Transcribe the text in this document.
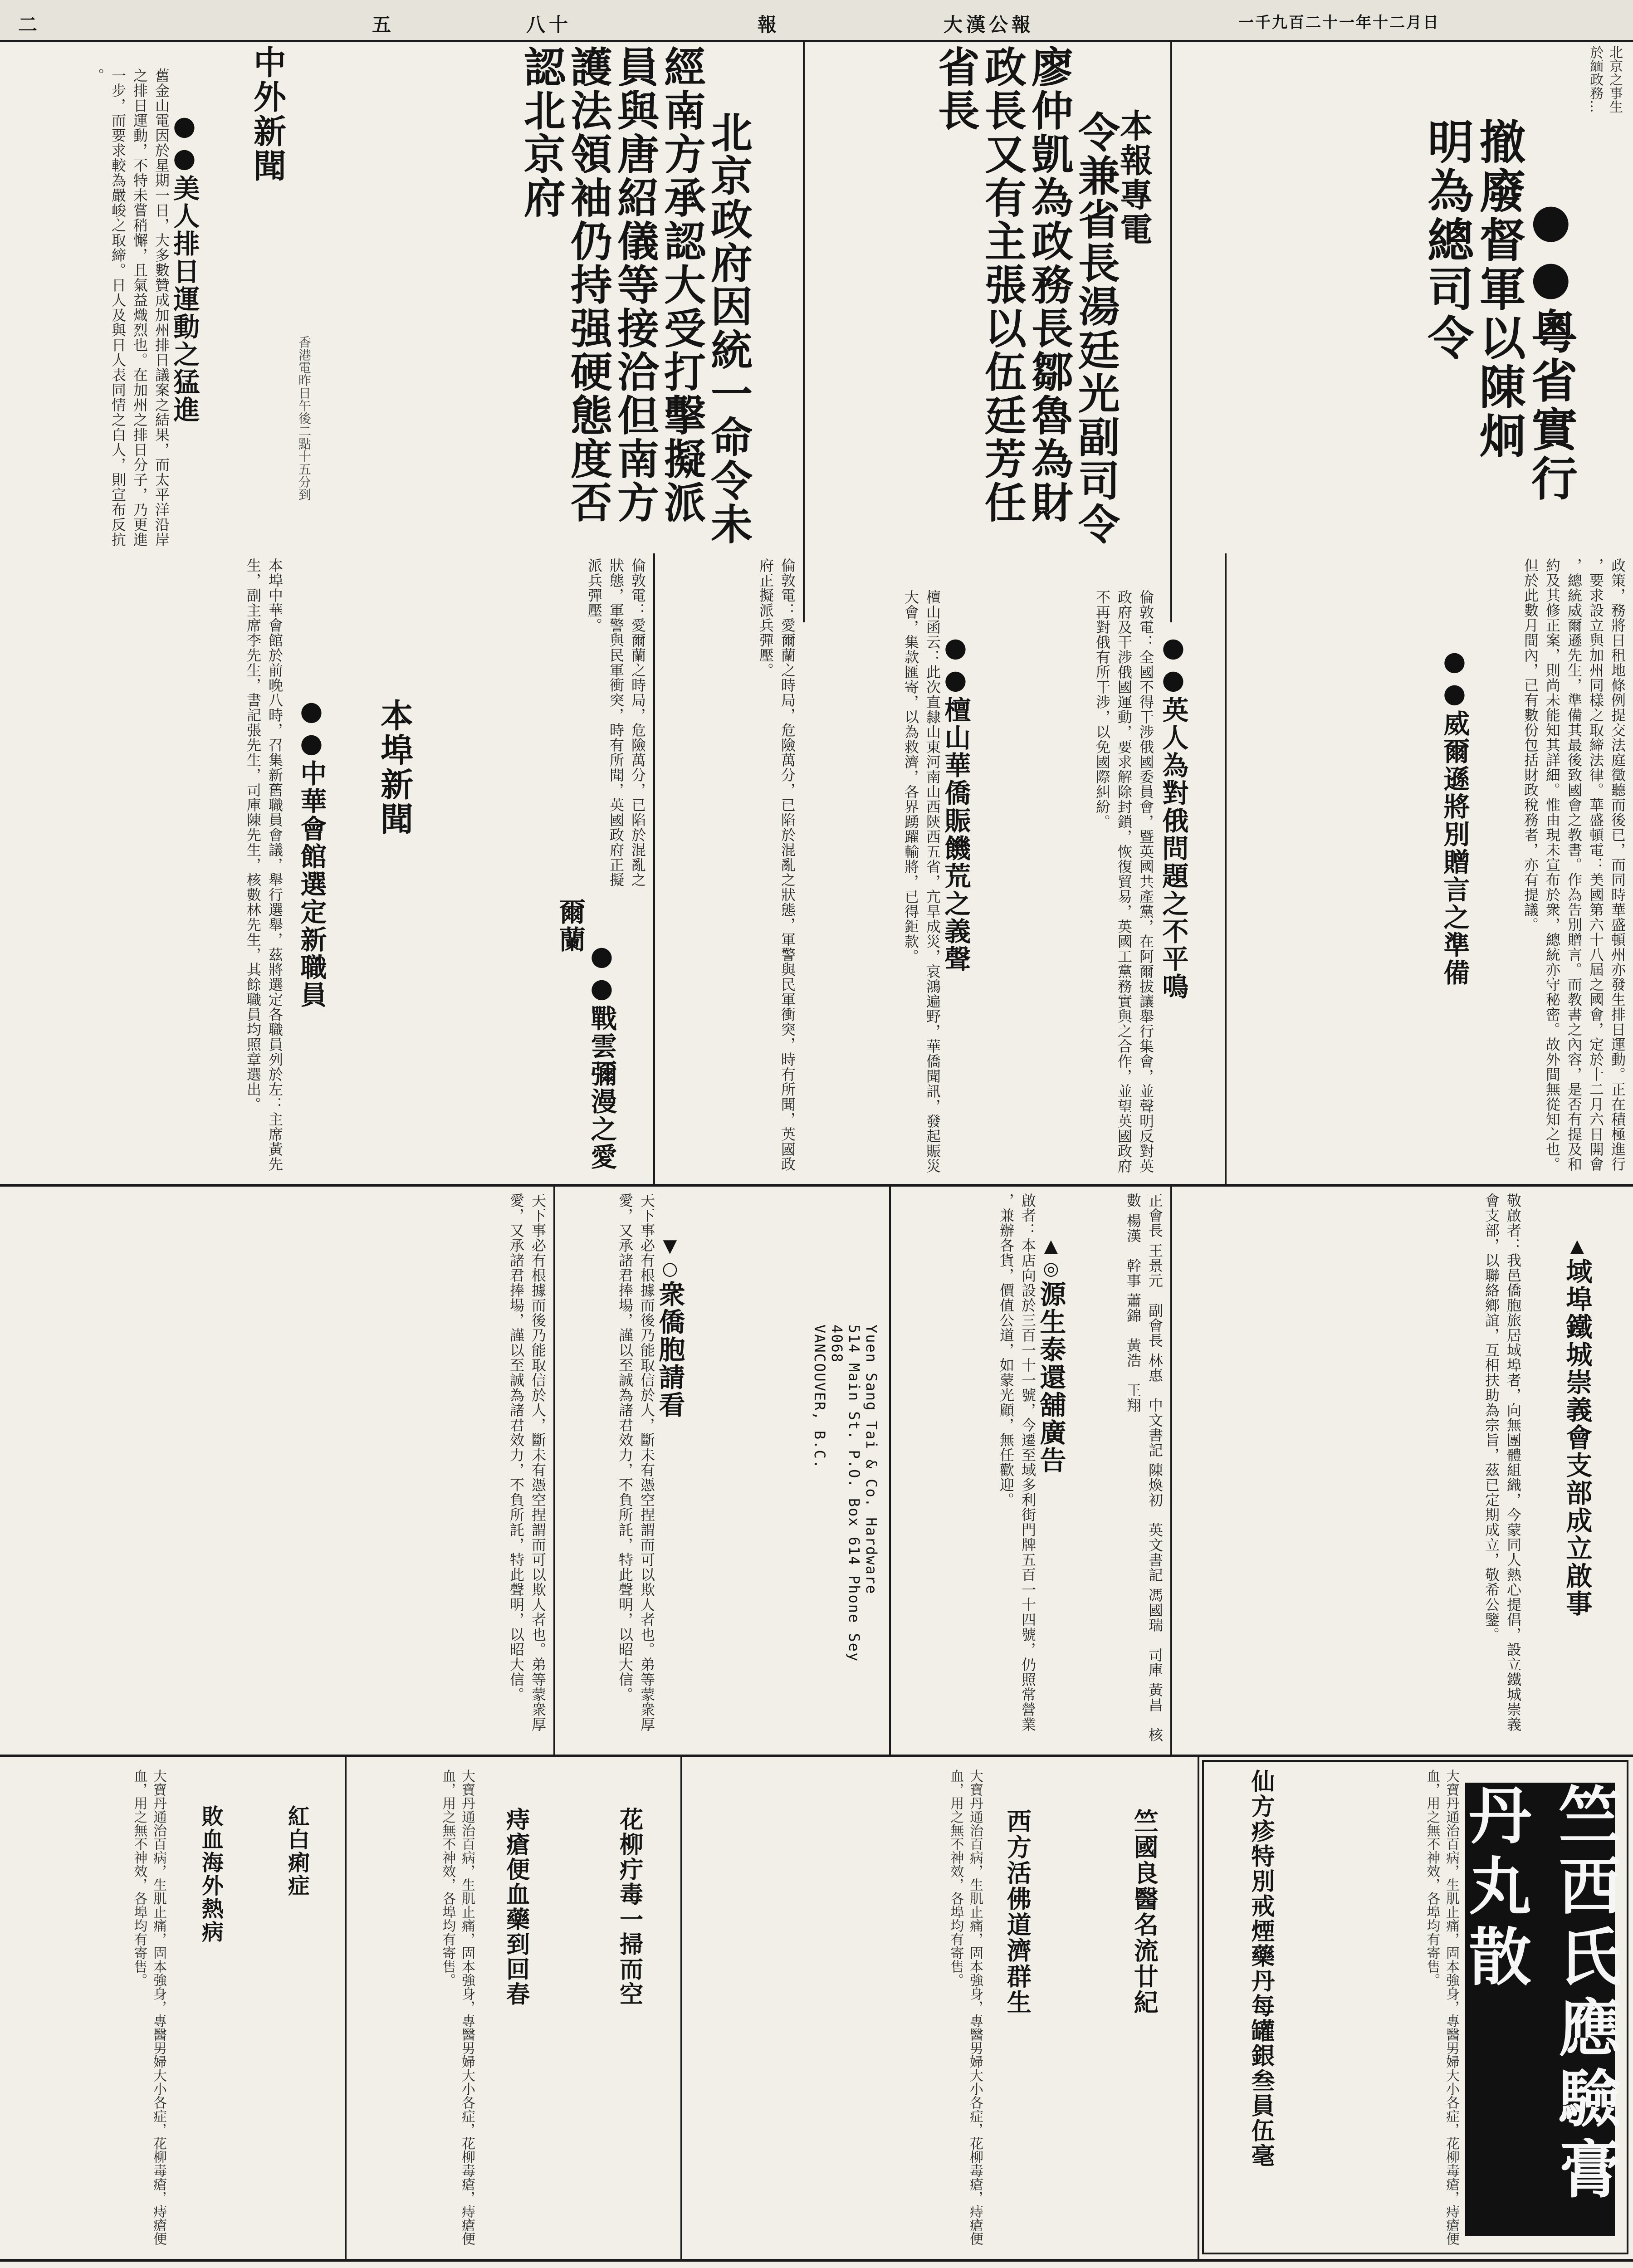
二	五	八十	報	大漢公報	一千九百二十一年十二月日

●●粵省實行撤廢督軍以陳炯明為總司令

本報專電
北京之事生於緬政務...

令兼省長湯廷光副司令廖仲凱為政務長鄒魯為財政長又有主張以伍廷芳任省長

北京政府因統一命令未經南方承認大受打擊擬派員與唐紹儀等接洽但南方護法領袖仍持强硬態度否認北京府

中外新聞

●●美人排日運動之猛進
	香港電昨日午後二點十五分到
舊金山電因於星期一日，大多數贊成加州排日議案之結果，而太平洋沿岸之排日運動，不特未嘗稍懈，且氣益熾烈也。在加州之排日分子，乃更進一步，而要求較為嚴峻之取締。日人及與日人表同情之白人，則宣布反抗。
政策，務將日租地條例提交法庭徵聽而後已，而同時華盛頓州亦發生排日運動。正在積極進行，要求設立與加州同樣之取締法律。華盛頓電：美國第六十八屆之國會，定於十二月六日開會，總統威爾遜先生，準備其最後致國會之教書。作為告別贈言。而教書之內容，是否有提及和約及其修正案，則尚未能知其詳細。惟由現未宣布於衆，總統亦守秘密。故外間無從知之也。但於此數月間內，已有數份包括財政稅務者，亦有提議。

●●威爾遜將別贈言之準備

●●英人為對俄問題之不平鳴

倫敦電：全國不得干涉俄國委員會，暨英國共產黨，在阿爾拔讓舉行集會，並聲明反對英政府及干涉俄國運動，要求解除封鎖，恢復貿易，英國工黨務實與之合作，並望英國政府不再對俄有所干涉，以免國際糾紛。

●●檀山華僑賑饑荒之義聲

檀山函云：此次直隸山東河南山西陝西五省，亢旱成災，哀鴻遍野，華僑聞訊，發起賑災大會，集款匯寄，以為救濟，各界踴躍輸將，已得鉅款。

●●戰雲彌漫之愛爾蘭
	倫敦電：愛爾蘭之時局，危險萬分，已陷於混亂之狀態，軍警與民軍衝突，時有所聞，英國政府正擬派兵彈壓。
本埠新聞

●●中華會館選定新職員

本埠中華會館於前晚八時，召集新舊職員會議，舉行選舉，茲將選定各職員列於左：主席黃先生，副主席李先生，書記張先生，司庫陳先生，核數林先生，其餘職員均照章選出。	倫敦電：愛爾蘭之時局，危險萬分，已陷於混亂之狀態，軍警與民軍衝突，時有所聞，英國政府正擬派兵彈壓。

▲域埠鐵城崇義會支部成立啟事

敬啟者：我邑僑胞旅居域埠者，向無團體組織，今蒙同人熱心提倡，設立鐵城崇義會支部，以聯絡鄉誼，互相扶助為宗旨，茲已定期成立，敬希公鑒。
正會長 王景元　副會長 林惠　中文書記 陳煥初　英文書記 馮國瑞　司庫 黃昌　核數 楊漢　幹事 蕭錦　黃浩　王翔

▼○衆僑胞請看

天下事必有根據而後乃能取信於人，斷未有憑空捏謂而可以欺人者也。弟等蒙衆厚愛，又承諸君捧場，謹以至誠為諸君效力，不負所託，特此聲明，以昭大信。
天下事必有根據而後乃能取信於人，斷未有憑空捏謂而可以欺人者也。弟等蒙衆厚愛，又承諸君捧場，謹以至誠為諸君效力，不負所託，特此聲明，以昭大信。	▲◎源生泰還舖廣告

啟者：本店向設於三百一十一號，今遷至域多利街門牌五百一十四號，仍照常營業，兼辦各貨，價值公道，如蒙光顧，無任歡迎。
Yuen Sang Tai & Co. Hardware
514 Main St. P.O. Box 614 Phone Sey 4068
VANCOUVER, B.C.
竺西氏應驗膏丹丸散
仙方疹特別戒煙藥丹每罐銀叁員伍毫	大寶丹通治百病，生肌止痛，固本強身，專醫男婦大小各症，花柳毒瘡，痔瘡便血，用之無不神效，各埠均有寄售。

竺國良醫名流廿紀

西方活佛道濟群生

大寶丹通治百病，生肌止痛，固本強身，專醫男婦大小各症，花柳毒瘡，痔瘡便血，用之無不神效，各埠均有寄售。

花柳疔毒一掃而空

痔瘡便血藥到回春

大寶丹通治百病，生肌止痛，固本強身，專醫男婦大小各症，花柳毒瘡，痔瘡便血，用之無不神效，各埠均有寄售。

紅白痢症

敗血海外熱病

大寶丹通治百病，生肌止痛，固本強身，專醫男婦大小各症，花柳毒瘡，痔瘡便血，用之無不神效，各埠均有寄售。
